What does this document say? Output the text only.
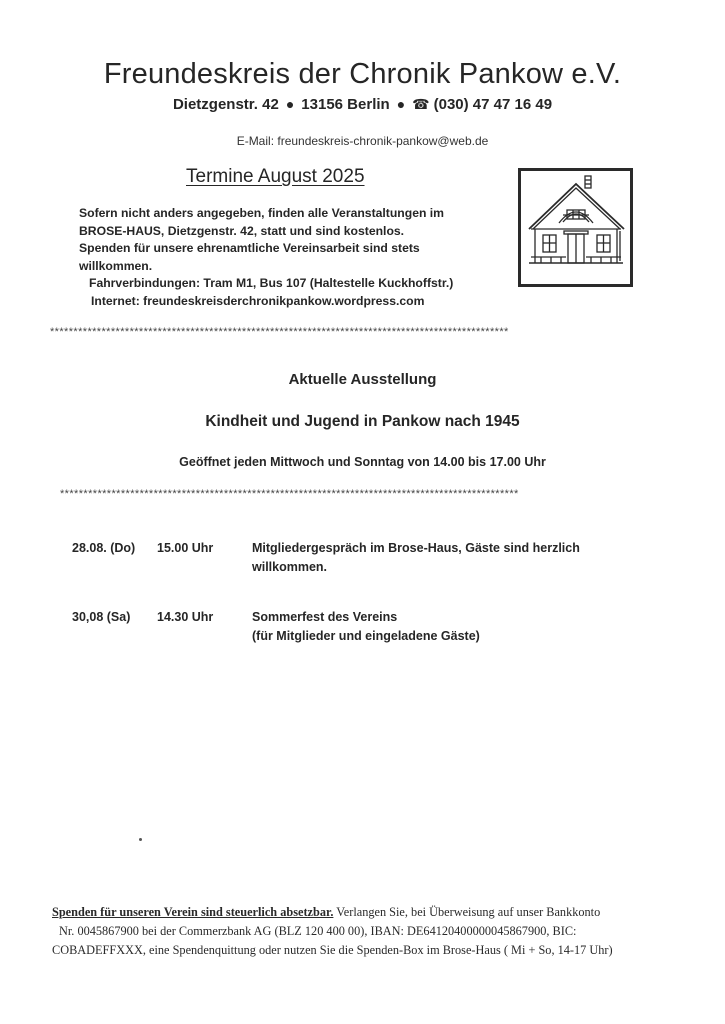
Freundeskreis der Chronik Pankow e.V.
Dietzgenstr. 42 ● 13156 Berlin ● ☎ (030) 47 47 16 49
E-Mail: freundeskreis-chronik-pankow@web.de
Termine August 2025
Sofern nicht anders angegeben, finden alle Veranstaltungen im
BROSE-HAUS, Dietzgenstr. 42, statt und sind kostenlos.
Spenden für unsere ehrenamtliche Vereinsarbeit sind stets
willkommen.
Fahrverbindungen: Tram M1, Bus 107 (Haltestelle Kuckhoffstr.)
Internet: freundeskreisderchronikpankow.wordpress.com
**************************************************************************************************
Aktuelle Ausstellung
Kindheit und Jugend in Pankow nach 1945
Geöffnet jeden Mittwoch und Sonntag von 14.00 bis 17.00 Uhr
**************************************************************************************************
28.08. (Do) 15.00 Uhr	Mitgliedergespräch im Brose-Haus, Gäste sind herzlich
willkommen.
30,08 (Sa) 14.30 Uhr	Sommerfest des Vereins
(für Mitglieder und eingeladene Gäste)
Spenden für unseren Verein sind steuerlich absetzbar. Verlangen Sie, bei Überweisung auf unser Bankkonto
Nr. 0045867900 bei der Commerzbank AG (BLZ 120 400 00), IBAN: DE64120400000045867900, BIC:
COBADEFFXXX, eine Spendenquittung oder nutzen Sie die Spenden-Box im Brose-Haus ( Mi + So, 14-17 Uhr)
